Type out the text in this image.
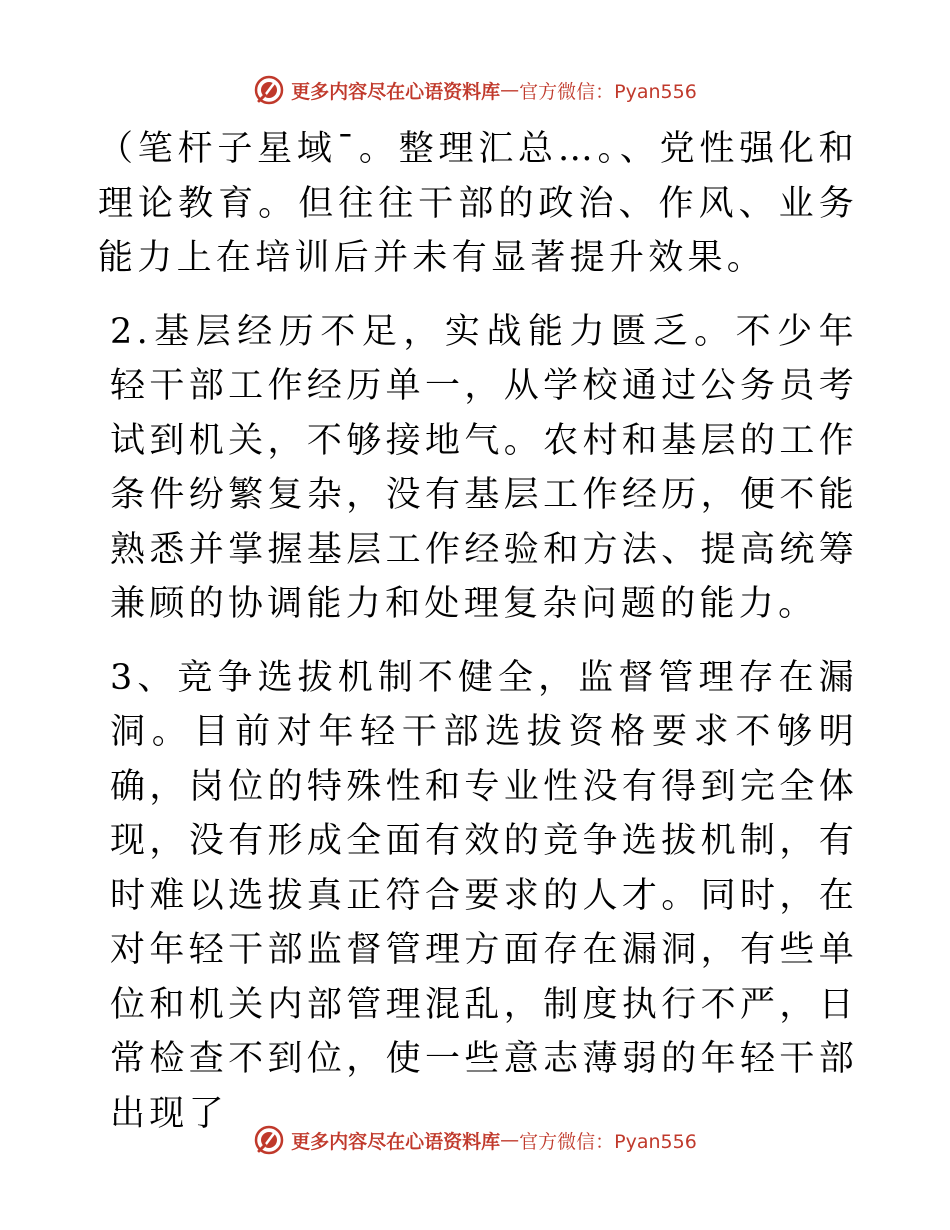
更多内容尽在心语资料库 — 官方微信：Pyan556

（笔杆子星域¯。整理汇总…。、党性强化和理论教育。但往往干部的政治、作风、业务能力上在培训后并未有显著提升效果。

2.基层经历不足，实战能力匮乏。不少年轻干部工作经历单一，从学校通过公务员考试到机关，不够接地气。农村和基层的工作条件纷繁复杂，没有基层工作经历，便不能熟悉并掌握基层工作经验和方法、提高统筹兼顾的协调能力和处理复杂问题的能力。

3、竞争选拔机制不健全，监督管理存在漏洞。目前对年轻干部选拔资格要求不够明确，岗位的特殊性和专业性没有得到完全体现，没有形成全面有效的竞争选拔机制，有时难以选拔真正符合要求的人才。同时，在对年轻干部监督管理方面存在漏洞，有些单位和机关内部管理混乱，制度执行不严，日常检查不到位，使一些意志薄弱的年轻干部出现了

更多内容尽在心语资料库 — 官方微信：Pyan556
